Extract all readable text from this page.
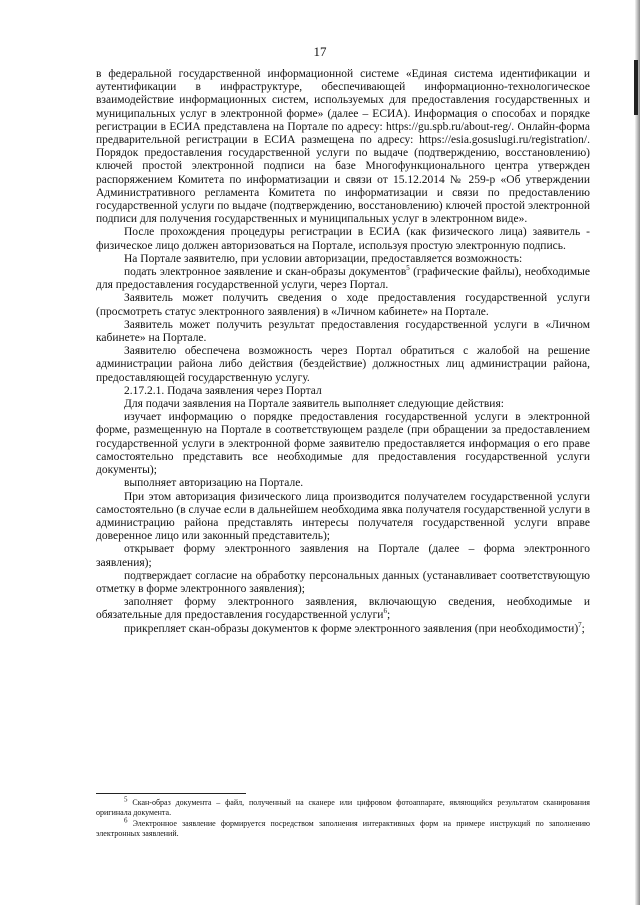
17

в федеральной государственной информационной системе «Единая система идентификации и аутентификации в инфраструктуре, обеспечивающей информационно-технологическое взаимодействие информационных систем, используемых для предоставления государственных и муниципальных услуг в электронной форме» (далее – ЕСИА). Информация о способах и порядке регистрации в ЕСИА представлена на Портале по адресу: https://gu.spb.ru/about-reg/. Онлайн-форма предварительной регистрации в ЕСИА размещена по адресу: https://esia.gosuslugi.ru/registration/. Порядок предоставления государственной услуги по выдаче (подтверждению, восстановлению) ключей простой электронной подписи на базе Многофункционального центра утвержден распоряжением Комитета по информатизации и связи от 15.12.2014 № 259-р «Об утверждении Административного регламента Комитета по информатизации и связи по предоставлению государственной услуги по выдаче (подтверждению, восстановлению) ключей простой электронной подписи для получения государственных и муниципальных услуг в электронном виде».

После прохождения процедуры регистрации в ЕСИА (как физического лица) заявитель - физическое лицо должен авторизоваться на Портале, используя простую электронную подпись.

На Портале заявителю, при условии авторизации, предоставляется возможность:

подать электронное заявление и скан-образы документов$^5$ (графические файлы), необходимые для предоставления государственной услуги, через Портал.

Заявитель может получить сведения о ходе предоставления государственной услуги (просмотреть статус электронного заявления) в «Личном кабинете» на Портале.

Заявитель может получить результат предоставления государственной услуги в «Личном кабинете» на Портале.

Заявителю обеспечена возможность через Портал обратиться с жалобой на решение администрации района либо действия (бездействие) должностных лиц администрации района, предоставляющей государственную услугу.

2.17.2.1. Подача заявления через Портал

Для подачи заявления на Портале заявитель выполняет следующие действия:

изучает информацию о порядке предоставления государственной услуги в электронной форме, размещенную на Портале в соответствующем разделе (при обращении за предоставлением государственной услуги в электронной форме заявителю предоставляется информация о его праве самостоятельно представить все необходимые для предоставления государственной услуги документы);

выполняет авторизацию на Портале.

При этом авторизация физического лица производится получателем государственной услуги самостоятельно (в случае если в дальнейшем необходима явка получателя государственной услуги в администрацию района представлять интересы получателя государственной услуги вправе доверенное лицо или законный представитель);

открывает форму электронного заявления на Портале (далее – форма электронного заявления);

подтверждает согласие на обработку персональных данных (устанавливает соответствующую отметку в форме электронного заявления);

заполняет форму электронного заявления, включающую сведения, необходимые и обязательные для предоставления государственной услуги$^6$;

прикрепляет скан-образы документов к форме электронного заявления (при необходимости)$^7$;

$^5$ Скан-образ документа – файл, полученный на сканере или цифровом фотоаппарате, являющийся результатом сканирования оригинала документа.

$^6$ Электронное заявление формируется посредством заполнения интерактивных форм на примере инструкций по заполнению электронных заявлений.
